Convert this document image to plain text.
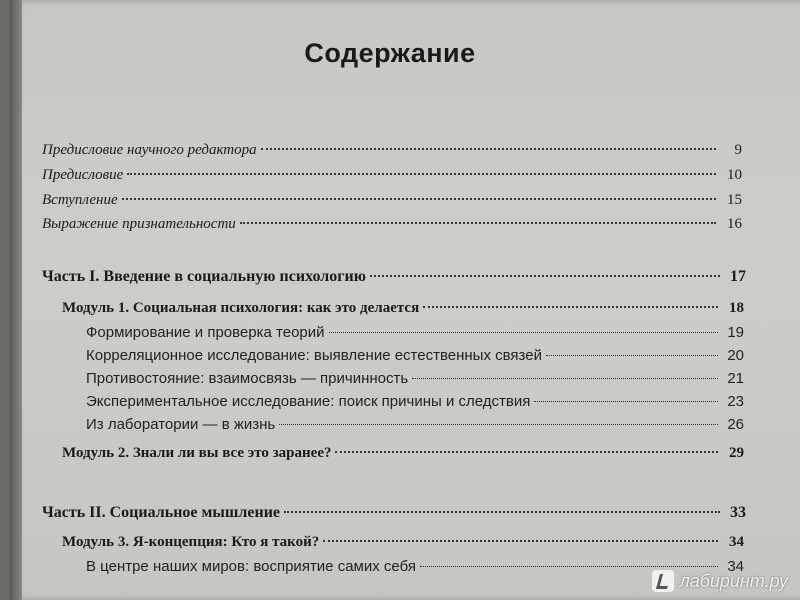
Содержание
Предисловие научного редактора	9
Предисловие	10
Вступление	15
Выражение признательности	16
Часть I. Введение в социальную психологию	17
Модуль 1. Социальная психология: как это делается	18
Формирование и проверка теорий	19
Корреляционное исследование: выявление естественных связей	20
Противостояние: взаимосвязь — причинность	21
Экспериментальное исследование: поиск причины и следствия	23
Из лаборатории — в жизнь	26
Модуль 2. Знали ли вы все это заранее?	29
Часть II. Социальное мышление	33
Модуль 3. Я-концепция: Кто я такой?	34
В центре наших миров: восприятие самих себя	34
лабиринт.ру
